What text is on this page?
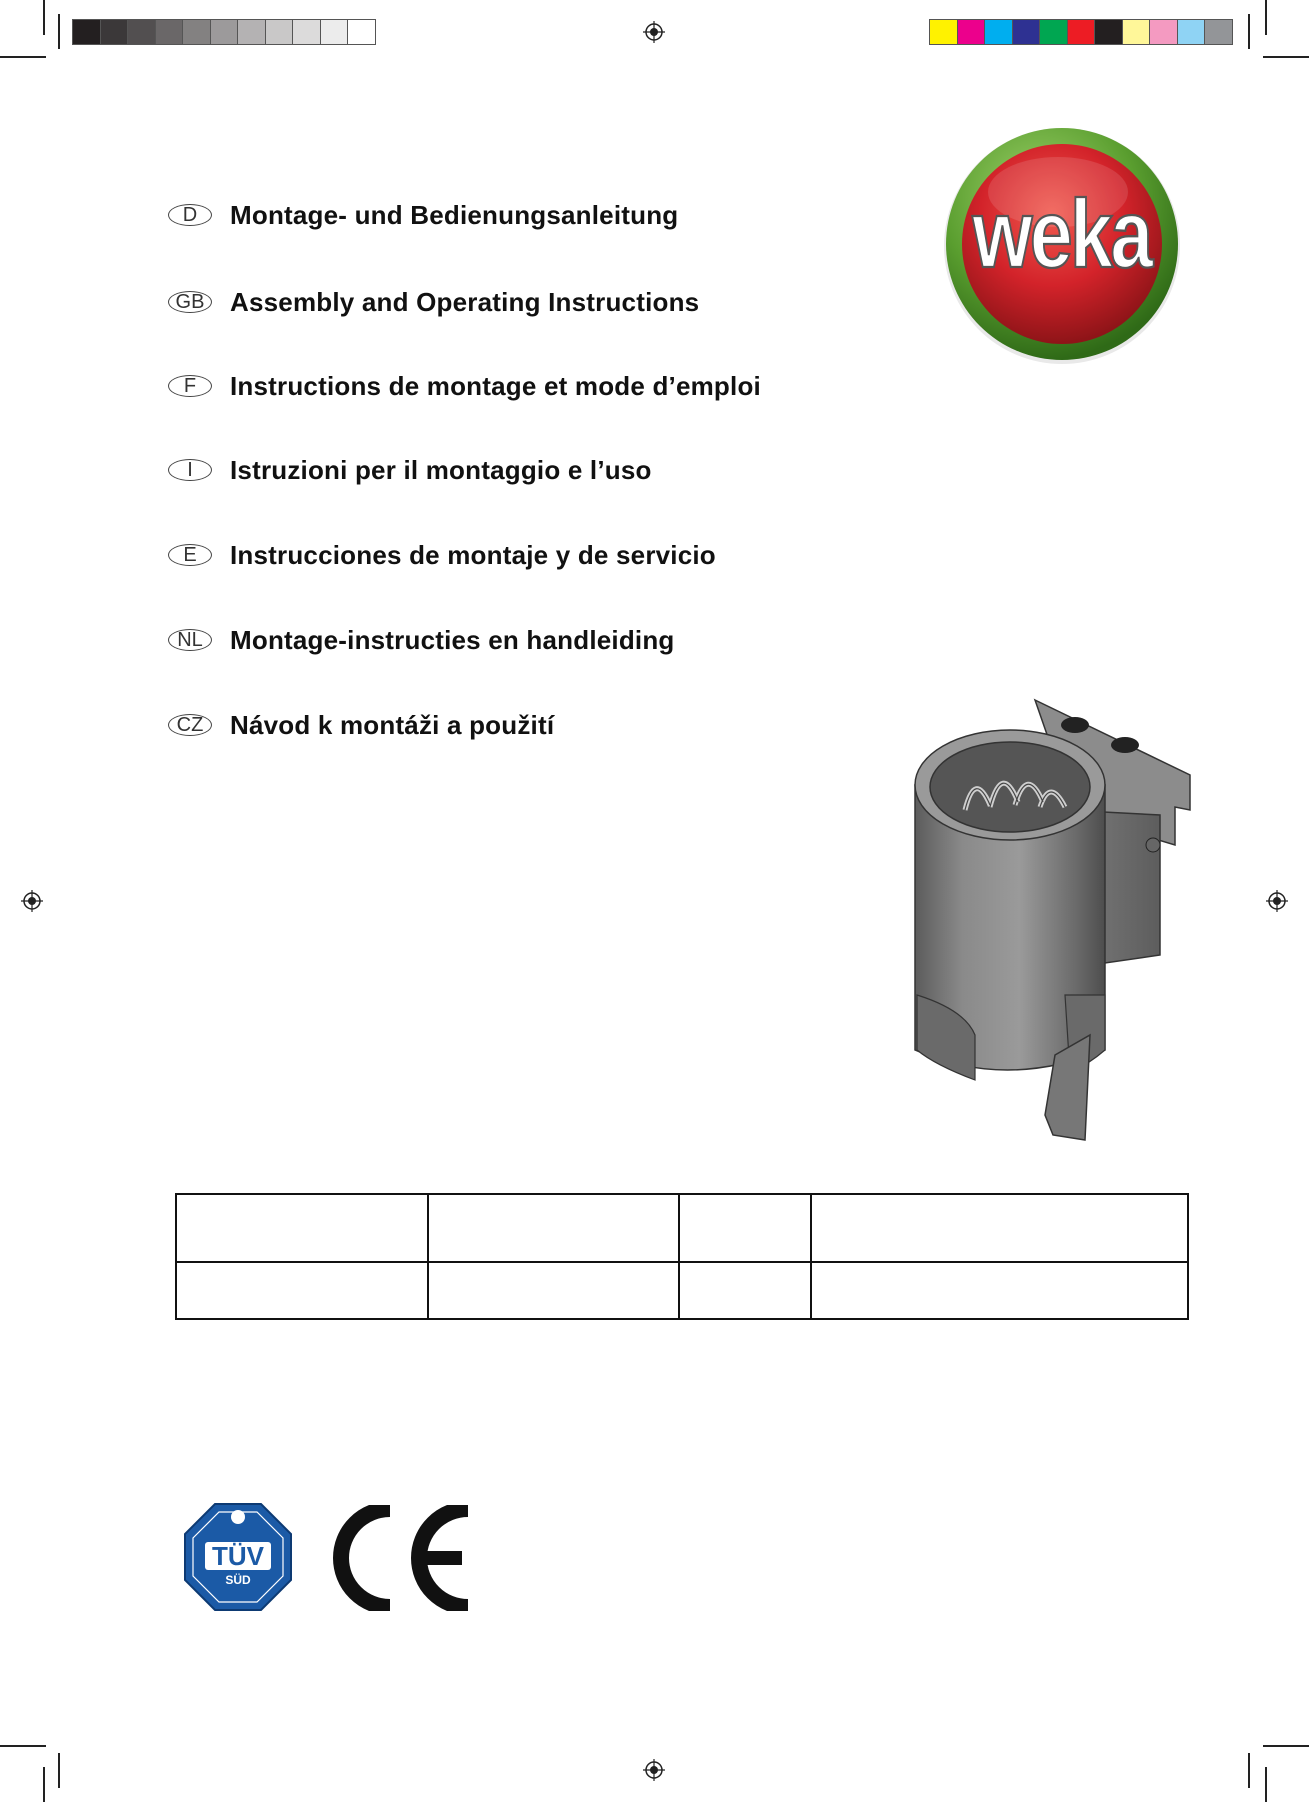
weka
D	Montage- und Bedienungsanleitung
GB Assembly and Operating Instructions
F	Instructions de montage et mode d’emploi
I	Istruzioni per il montaggio e l’uso
E	Instrucciones de montaje y de servicio
NL	Montage-instructies en handleiding
CZ	Návod k montáži a použití

TÜV
SÜD
